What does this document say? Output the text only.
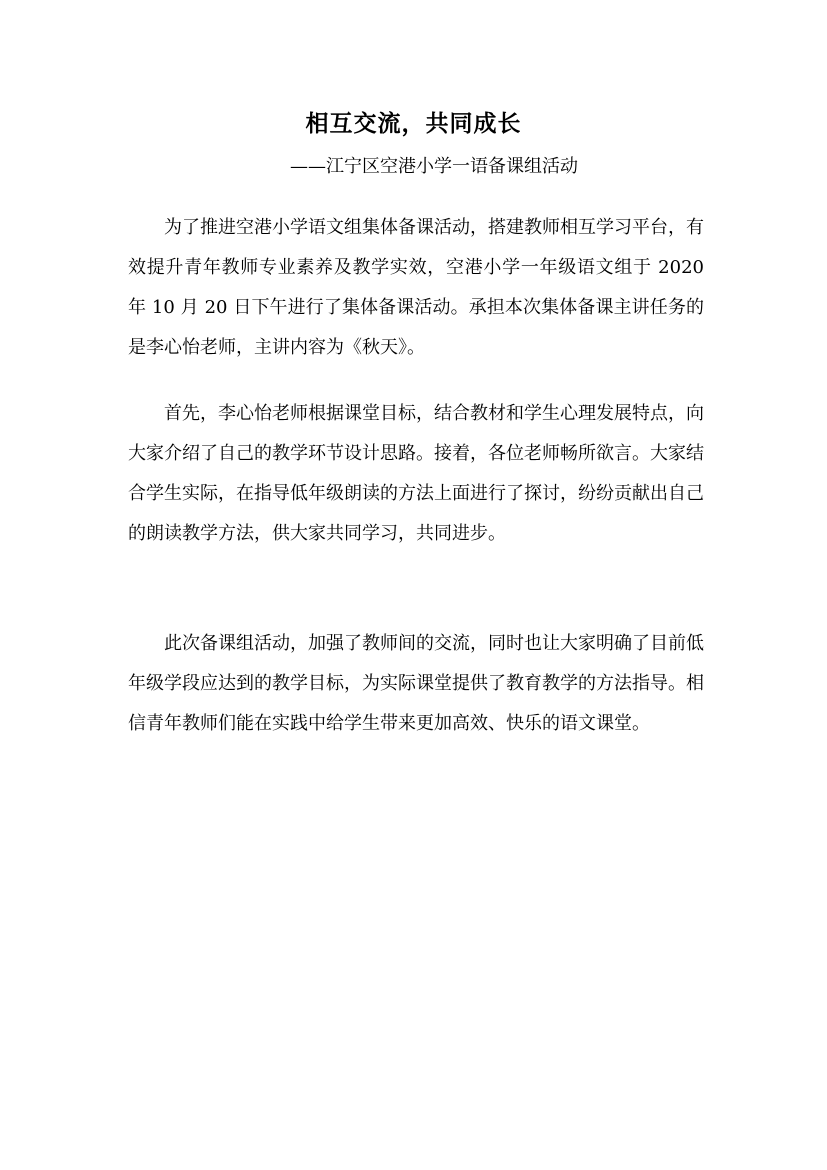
相互交流，共同成长

——江宁区空港小学一语备课组活动

为了推进空港小学语文组集体备课活动，搭建教师相互学习平台，有效提升青年教师专业素养及教学实效，空港小学一年级语文组于 2020 年 10 月 20 日下午进行了集体备课活动。承担本次集体备课主讲任务的是李心怡老师，主讲内容为《秋天》。

首先，李心怡老师根据课堂目标，结合教材和学生心理发展特点，向大家介绍了自己的教学环节设计思路。接着，各位老师畅所欲言。大家结合学生实际，在指导低年级朗读的方法上面进行了探讨，纷纷贡献出自己的朗读教学方法，供大家共同学习，共同进步。

此次备课组活动，加强了教师间的交流，同时也让大家明确了目前低年级学段应达到的教学目标，为实际课堂提供了教育教学的方法指导。相信青年教师们能在实践中给学生带来更加高效、快乐的语文课堂。
